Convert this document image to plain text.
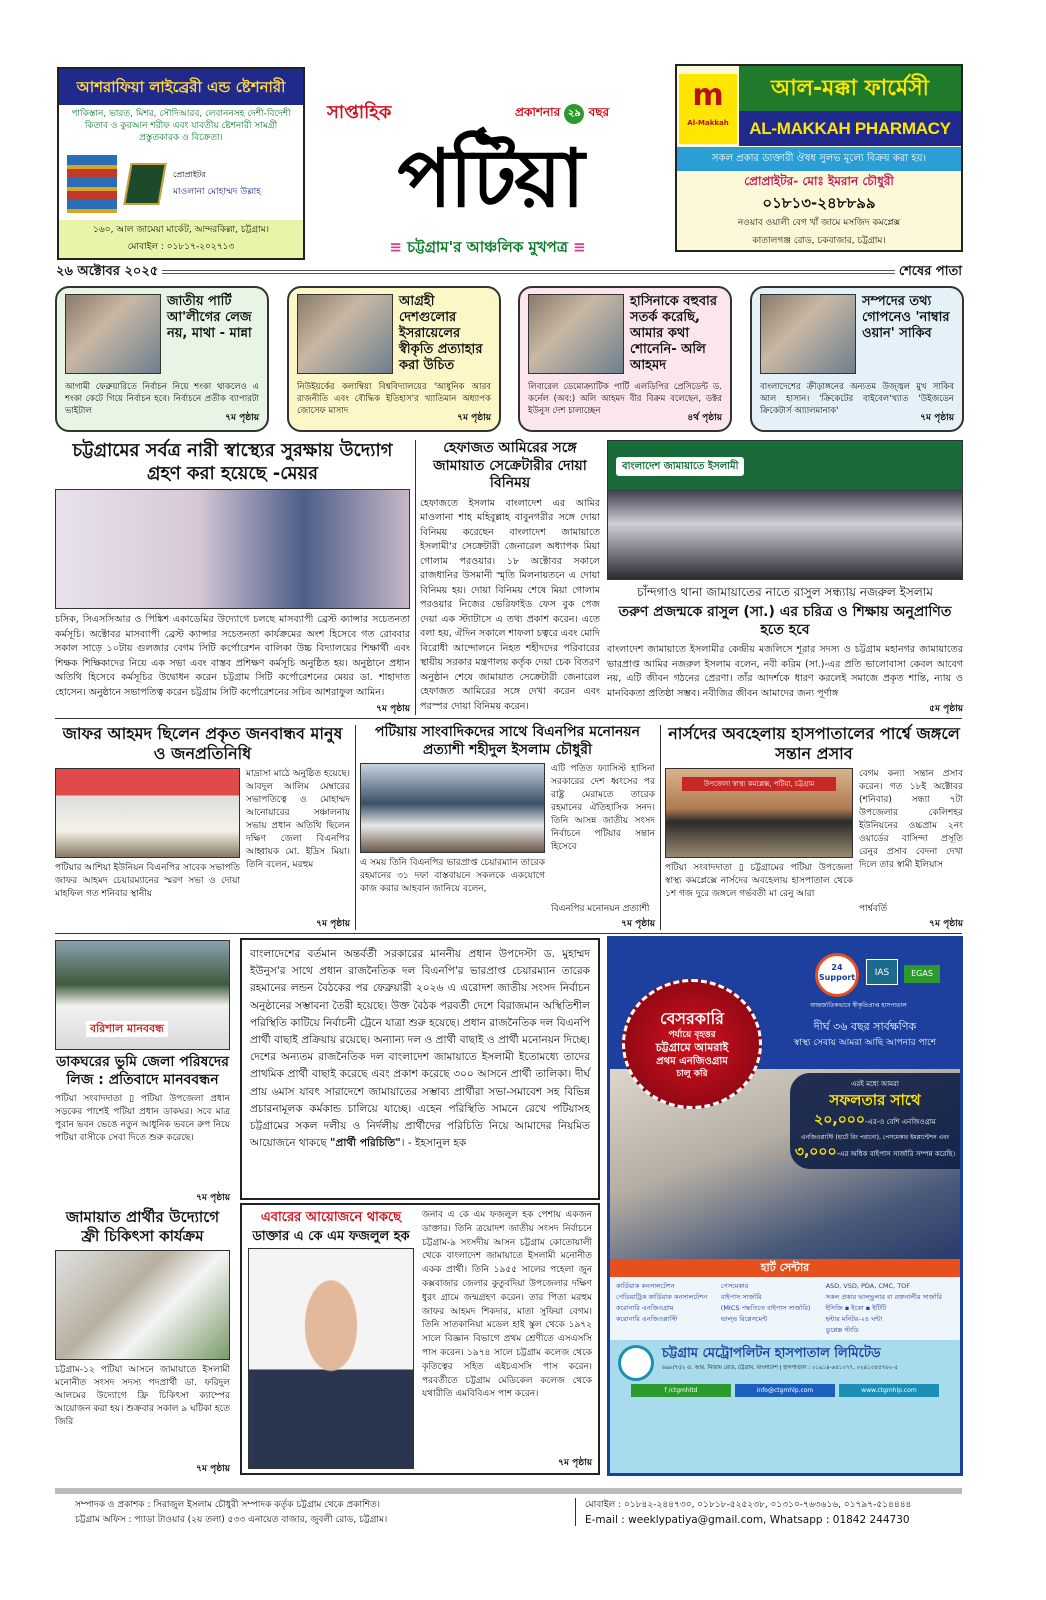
আশরাফিয়া লাইব্রেরী এন্ড ষ্টেশনারী
পাকিস্তান, ভারত, মিশর, সৌদিআরব, লেবাননসহ দেশী-বিদেশী কিতাব ও কুরআন শরীফ এবং যাবতীয় ষ্টেশনারী সামগ্রী প্রস্তুতকারক ও বিক্রেতা।
প্রোপ্রাইটর
মাওলানা মোহাম্মদ উল্লাহ
১৬০, আল জামেয়া মার্কেট, আন্দরকিল্লা, চট্টগ্রাম।
মোবাইল : ০১৮১৭-২০২৭১৩
সাপ্তাহিক	প্রকাশনার ২৯ বছর
পটিয়া
≡ চট্টগ্রাম'র আঞ্চলিক মুখপত্র ≡
m
Al-Makkah
আল-মক্কা ফার্মেসী
AL-MAKKAH PHARMACY
সকল প্রকার ডাক্তারী ঔষধ সুলভ মূল্যে বিক্রয় করা হয়।
প্রোপ্রাইটর- মোঃ ইমরান চৌধুরী
০১৮১৩-২৪৮৮৯৯
নওয়াব ওয়ালী বেগ খাঁ জামে মসজিদ কমপ্লেক্স
কাতালগঞ্জ রোড, চকবাজার, চট্টগ্রাম।
২৬ অক্টোবর ২০২৫	শেষের পাতা
জাতীয় পার্টি আ'লীগের লেজ নয়, মাথা - মান্না
আগামী ফেব্রুয়ারিতে নির্বাচন নিয়ে শংকা থাকলেও এ শংকা কেটে গিয়ে নির্বাচন হবে। নির্বাচনে প্রতীক ব্যাপারটা ভাইটাল
৭ম পৃষ্ঠায়
আগ্রহী দেশগুলোর ইসরায়েলের স্বীকৃতি প্রত্যাহার করা উচিত
নিউইয়র্কের কলাম্বিয়া বিশ্ববিদ্যালয়ের 'আধুনিক আরব রাজনীতি এবং বৌদ্ধিক ইতিহাস'র খ্যাতিমান অধ্যাপক জোসেফ মাসাদ
৭ম পৃষ্ঠায়
হাসিনাকে বহুবার সতর্ক করেছি, আমার কথা শোনেনি- অলি আহমদ
লিবারেল ডেমোক্র্যাটিক পার্টি এলডিপির প্রেসিডেন্ট ড. কর্নেল (অব:) অলি আহমদ বীর বিক্রম বলেছেন, ডক্টর ইউনুস দেশ চালাচ্ছেন
৪র্থ পৃষ্ঠায়
সম্পদের তথ্য গোপনেও 'নাম্বার ওয়ান' সাকিব
বাংলাদেশের ক্রীড়াঙ্গনের অন্যতম উজ্জ্বল মুখ সাকিব আল হাসান। 'ক্রিকেটের বাইবেল'খ্যাত 'উইজডেন ক্রিকেটার্স আ্যালমানাক'
৭ম পৃষ্ঠায়
চট্টগ্রামের সর্বত্র নারী স্বাস্থ্যের সুরক্ষায় উদ্যোগ গ্রহণ করা হয়েছে -মেয়র
চসিক, সিএসসিআর ও পিঙ্কিশ একাডেমির উদ্যোগে চলছে মাসব্যাপী ব্রেস্ট ক্যান্সার সচেতনতা কর্মসূচি। অক্টোবর মাসব্যাপী ব্রেস্ট ক্যান্সার সচেতনতা কার্যক্রমের অংশ হিসেবে গত রোববার সকাল সাড়ে ১০টায় গুলজার বেগম সিটি কর্পোরেশন বালিকা উচ্চ বিদ্যালয়ের শিক্ষার্থী এবং শিক্ষক শিক্ষিকাদের নিয়ে এক সভা এবং বাস্তব প্রশিক্ষণ কর্মসূচি অনুষ্ঠিত হয়। অনুষ্ঠানে প্রধান অতিথি হিসেবে কর্মসূচির উদ্বোধন করেন চট্টগ্রাম সিটি কর্পোরেশনের মেয়র ডা. শাহাদাত হোসেন। অনুষ্ঠানে সভাপতিত্ব করেন চট্টগ্রাম সিটি কর্পোরেশনের সচিব আশরাফুল আমিন।
৭ম পৃষ্ঠায়
হেফাজত আমিরের সঙ্গে জামায়াত সেক্রেটারীর দোয়া বিনিময়
হেফাজতে ইসলাম বাংলাদেশ এর আমির মাওলানা শাহ মহিবুল্লাহ বাবুনগরীর সঙ্গে দোয়া বিনিময় করেছেন বাংলাদেশ জামায়াতে ইসলামী'র সেক্রেটারী জেনারেল অধ্যাপক মিয়া গোলাম পরওয়ার। ১৮ অক্টোবর সকালে রাজধানির উসমানী স্মৃতি মিলনায়তনে এ দোয়া বিনিময় হয়। দোয়া বিনিময় শেষে মিয়া গোলাম পরওয়ার নিজের ভেরিফাইড ফেস বুক পেজ দেয়া এক স্ট্যাটাসে এ তথ্য প্রকাশ করেন। এতে বলা হয়, ঐদিন সকালে শাফলা চত্বরে এবং মোদি বিরোধী আন্দোলনে নিহত শহীদদের পরিবারের স্থায়ীয় সরকার মন্ত্রণালয় কর্তৃক দেয়া চেক বিতরণ অনুষ্ঠান শেষে জামায়াত সেক্রেটারী জেনারেল হেফাজত আমিরের সঙ্গে দেখা করেন এবং পরস্পর দোয়া বিনিময় করেন।
বাংলাদেশ জামায়াতে ইসলামী
চাঁন্দগাও থানা জামায়াতের নাতে রাসুল সন্ধ্যায় নজরুল ইসলাম
তরুণ প্রজন্মকে রাসুল (সা.) এর চরিত্র ও শিক্ষায় অনুপ্রাণিত হতে হবে
বাংলাদেশ জামায়াতে ইসলামীর কেন্দ্রীয় মজলিসে শূরার সদস্য ও চট্টগ্রাম মহানগর জামায়াতের ভারপ্রাপ্ত আমির নজরুল ইসলাম বলেন, নবী করিম (সা.)-এর প্রতি ভালোবাসা কেবল আবেগ নয়, এটি জীবন গঠনের প্রেরণা। তাঁর আদর্শকে ধারণ করলেই সমাজে প্রকৃত শান্তি, ন্যায় ও মানবিকতা প্রতিষ্ঠা সম্ভব। নবীজির জীবন আমাদের জন্য পূর্ণাঙ্গ
৫ম পৃষ্ঠায়
জাফর আহমদ ছিলেন প্রকৃত জনবান্ধব মানুষ ও জনপ্রতিনিধি
পটিয়ার আশিয়া ইউনিয়ন বিএনপির সাবেক সভাপতি জাফর আহমদ চেয়ারম্যানের স্মরণ সভা ও দোয়া মাহফিল গত শনিবার স্থানীয়
মাদ্রাসা মাঠে অনুষ্ঠিত হয়েছে। আবদুল আলিম মেম্বারের সভাপতিত্বে ও মোহাম্মদ আনোয়ারের সঞ্চালনায় সভায় প্রধান অতিথি ছিলেন দক্ষিণ জেলা বিএনপির আহ্বায়ক মো. ইদ্রিস মিয়া। তিনি বলেন, মরহুম
৭ম পৃষ্ঠায়
পটিয়ায় সাংবাদিকদের সাথে বিএনপির মনোনয়ন প্রত্যাশী শহীদুল ইসলাম চৌধুরী
এ সময় তিনি বিএনপির ভারপ্রাপ্ত চেয়ারম্যান তারেক রহমানের ৩১ দফা বাস্তবায়নে সকলকে একযোগে কাজ করার আহবান জানিয়ে বলেন,
এটি পতিত ফ্যাসিস্ট হাসিনা সরকারের দেশ ধ্বংসের পর রাষ্ট্র মেরামতে তারেক রহমানের ঐতিহাসিক সনদ। তিনি আসন্ন জাতীয় সংসদ নির্বাচনে পটিয়ার সন্তান হিসেবে
বিএনপির মনোনয়ন প্রত্যাশী
৭ম পৃষ্ঠায়
নার্সদের অবহেলায় হাসপাতালের পার্শ্বে জঙ্গলে সন্তান প্রসাব
উপজেলা স্বাস্থ্য কমপ্লেক্স, পটিয়া, চট্টগ্রাম
পটিয়া সংবাদদাতা ▯ চট্টগ্রামের পটিয়া উপজেলা স্বাস্থ্য কমপ্লেক্সে নার্সদের অবহেলায় হাসপাতাল থেকে ১শ গজ দুরে জঙ্গলে গর্ভবতী মা রেনু আরা
বেগম কন্যা সন্তান প্রসাব করেন। গত ১৮ই অক্টোবর (শনিবার) সন্ধ্যা ৭টা উপজেলার কেলিশহর ইউনিয়নের ওচ্চপ্রাম ২নং ওয়ার্ডের বাসিন্দা প্রসূতি রেনুর প্রসাব বেদনা দেখা দিলে তার স্বামী ইলিয়াস
পার্শ্ববর্তি
৭ম পৃষ্ঠায়
বরিশাল মানববন্ধ
ডাকঘরের ভুমি জেলা পরিষদের লিজ : প্রতিবাদে মানববন্ধন
পটিয়া সংবাদদাতা ▯ পটিয়া উপজেলা প্রধান সড়কের পাশেই পটিয়া প্রধান ডাকঘর। সবে মাত্র পুরান ভবন ভেঙে নতুন আধুনিক ভবনে রুপ নিয়ে পটিয়া বাসীকে সেবা দিতে শুরু করেছে।
৭ম পৃষ্ঠায়
জামায়াত প্রার্থীর উদ্যোগে ফ্রী চিকিৎসা কার্যক্রম
চট্টগ্রাম-১২ পটিয়া আসনে জামায়াতে ইসলামী মনোনীত সংসদ সদস্য পদপ্রার্থী ডা. ফরিদুল আলমের উদ্যোগে ফ্রি চিকিৎসা ক্যাম্পের আয়োজন করা হয়। শুক্রবার সকাল ৯ ঘটিকা হতে জিরি
৭ম পৃষ্ঠায়
বাংলাদেশের বর্তমান অন্তর্বর্তী সরকারের মাননীয় প্রধান উপদেস্টা ড. মুহাম্মদ ইউনুস'র সাথে প্রধান রাজনৈতিক দল বিএনপি'র ভারপ্রাপ্ত চেয়ারম্যান তারেক রহমানের লন্ডন বৈঠকের পর ফেব্রুয়ারী ২০২৬ এ এরোদশ জাতীয় সংসদ নির্বাচন অনুষ্ঠানের সম্ভাবনা তৈরী হয়েছে। উক্ত বৈঠক পরবর্তী দেশে বিরাজমান অস্থিতিশীল পরিস্থিতি কাটিয়ে নির্বাচনী ট্রেনে যাত্রা শুরু হয়েছে। প্রধান রাজনৈতিক দল বিএনপি প্রার্থী বাছাই প্রক্রিয়ায় রয়েছে। অন্যান্য দল ও প্রার্থী বাছাই ও প্রার্থী মনোনয়ন দিচ্ছে। দেশের অন্যতম রাজনৈতিক দল বাংলাদেশ জামায়াতে ইসলামী ইতোমধ্যে তাদের প্রাথমিক প্রার্থী বাছাই করেছে এবং প্রকাশ করেছে ৩০০ আসনে প্রার্থী তালিকা। দীর্ঘ প্রায় ৬মাস যাবৎ সারাদেশে জামায়াতের সম্ভাব্য প্রার্থীরা সভা-সমাবেশ সহ বিভিন্ন প্রচারনামূলক কর্মকান্ড চালিয়ে যাচ্ছে। এহেন পরিস্থিতি সামনে রেখে পটিয়াসহ চট্টগ্রামের সকল দলীয় ও নির্দলীয় প্রার্থীদের পরিচিতি নিয়ে আমাদের নিয়মিত আয়োজনে থাকছে "প্রার্থী পরিচিতি"। - ইহসানুল হক
এবারের আয়োজনে থাকছে
ডাক্তার এ কে এম ফজলুল হক
জনাব এ কে এম ফজলুল হক পেশায় একজন ডাক্তার। তিনি ত্রয়োদশ জাতীয় সংসদ নির্বাচনে চট্টগ্রাম-৯ সংসদীয় আসন চট্টগ্রাম কোতোয়ালী থেকে বাংলাদেশ জামায়াতে ইসলামী মনোনীত একক প্রার্থী। তিনি ১৯৫৫ সালের পহেলা জুন কক্সবাজার জেলার কুতুবদিয়া উপজেলার দক্ষিণ ধুরং গ্রামে জন্মগ্রহণ করেন। তার পিতা মরহুম জাফর আহমদ শিকদার, মাতা সুফিয়া বেগম। তিনি সাতকানিয়া মডেল হাই স্কুল থেকে ১৯৭২ সালে বিজ্ঞান বিভাগে প্রথম শ্রেণীতে এসএসসি পাস করেন। ১৯৭৪ সালে চট্টগ্রাম কলেজ থেকে কৃতিত্বের সহিত এইচএসসি পাস করেন। পরবর্তীতে চট্টগ্রাম মেডিকেল কলেজ থেকে যথারীতি এমবিবিএস পাশ করেন।
৭ম পৃষ্ঠায়
বেসরকারি
পর্যায়ে বৃহত্তর
চট্টগ্রামে আমরাই
প্রথম এনজিওগ্রাম
চালু করি
24 Support	IAS	EGAS
আন্তর্জাতিকভাবে স্বীকৃতিপ্রাপ্ত হাসপাতাল
দীর্ঘ ৩৬ বছর সার্বক্ষণিক
স্বাস্থ্য সেবায় আমরা আছি আপনার পাশে
এরই মধ্যে আমরা
সফলতার সাথে
২০,০০০-এর-ও বেশি এনজিওগ্রাম
এনজিওপ্লাস্টি (হার্টে রিং পরানো), পেসমেকার ইমপ্লান্টেশন এবং
৩,০০০-এর অধিক বাইপাস সার্জারি সম্পন্ন করেছি।
হার্ট সেন্টার
কার্ডিয়াক কনসালটেশন
পেডিয়াট্রিক কার্ডিয়াক কনসালটেশন
করোনারি এনজিওগ্রাম
করোনারি এনজিওপ্লাস্টি
পেসমেকার
বাইপাস সার্জারি
(MICS পদ্ধতিতে বাইপাস সার্জারি)
ভাল্ভ রিপ্লেসমেন্ট
ASD, VSD, PDA, CMC, TOF
সকল প্রকার ভাল্ভুলার বা রক্তনালীর সার্জারি
ইসিজি ▪ ইকো ▪ ইটিটি
হল্টার মনিটর-২৪ ঘন্টা
ডুপ্লেক্স স্টাডি
চট্টগ্রাম মেট্রোপলিটন হাসপাতাল লিমিটেড
৬৯৮/৭৫২ ও. আর. নিজাম রোড, চট্টগ্রাম, বাংলাদেশ | হাসপাতাল : ০১৯১৪-৬৫১০৭৭, ০২৪১৩৫৫৭৬২-৫
f /ctgmhltd	info@ctgmhlp.com	www.ctgmhlp.com
সম্পাদক ও প্রকাশক : সিরাজুল ইসলাম চৌধুরী সম্পাদক কর্তৃক চট্টগ্রাম থেকে প্রকাশিত।
চট্টগ্রাম অফিস : প্যাডা টাওয়ার (২য় তলা) ৫৩৩ এনায়েত বাজার, জুবলী রোড, চট্টগ্রাম।
মোবাইল : ০১৮৪২-২৪৪৭৩০, ০১৮১৮-৫২৫২৩৮, ০১৩১০-৭৬৩৬১৬, ০১৭৯৭-৫১৪৪৪৪
E-mail : weeklypatiya@gmail.com, Whatsapp : 01842 244730
